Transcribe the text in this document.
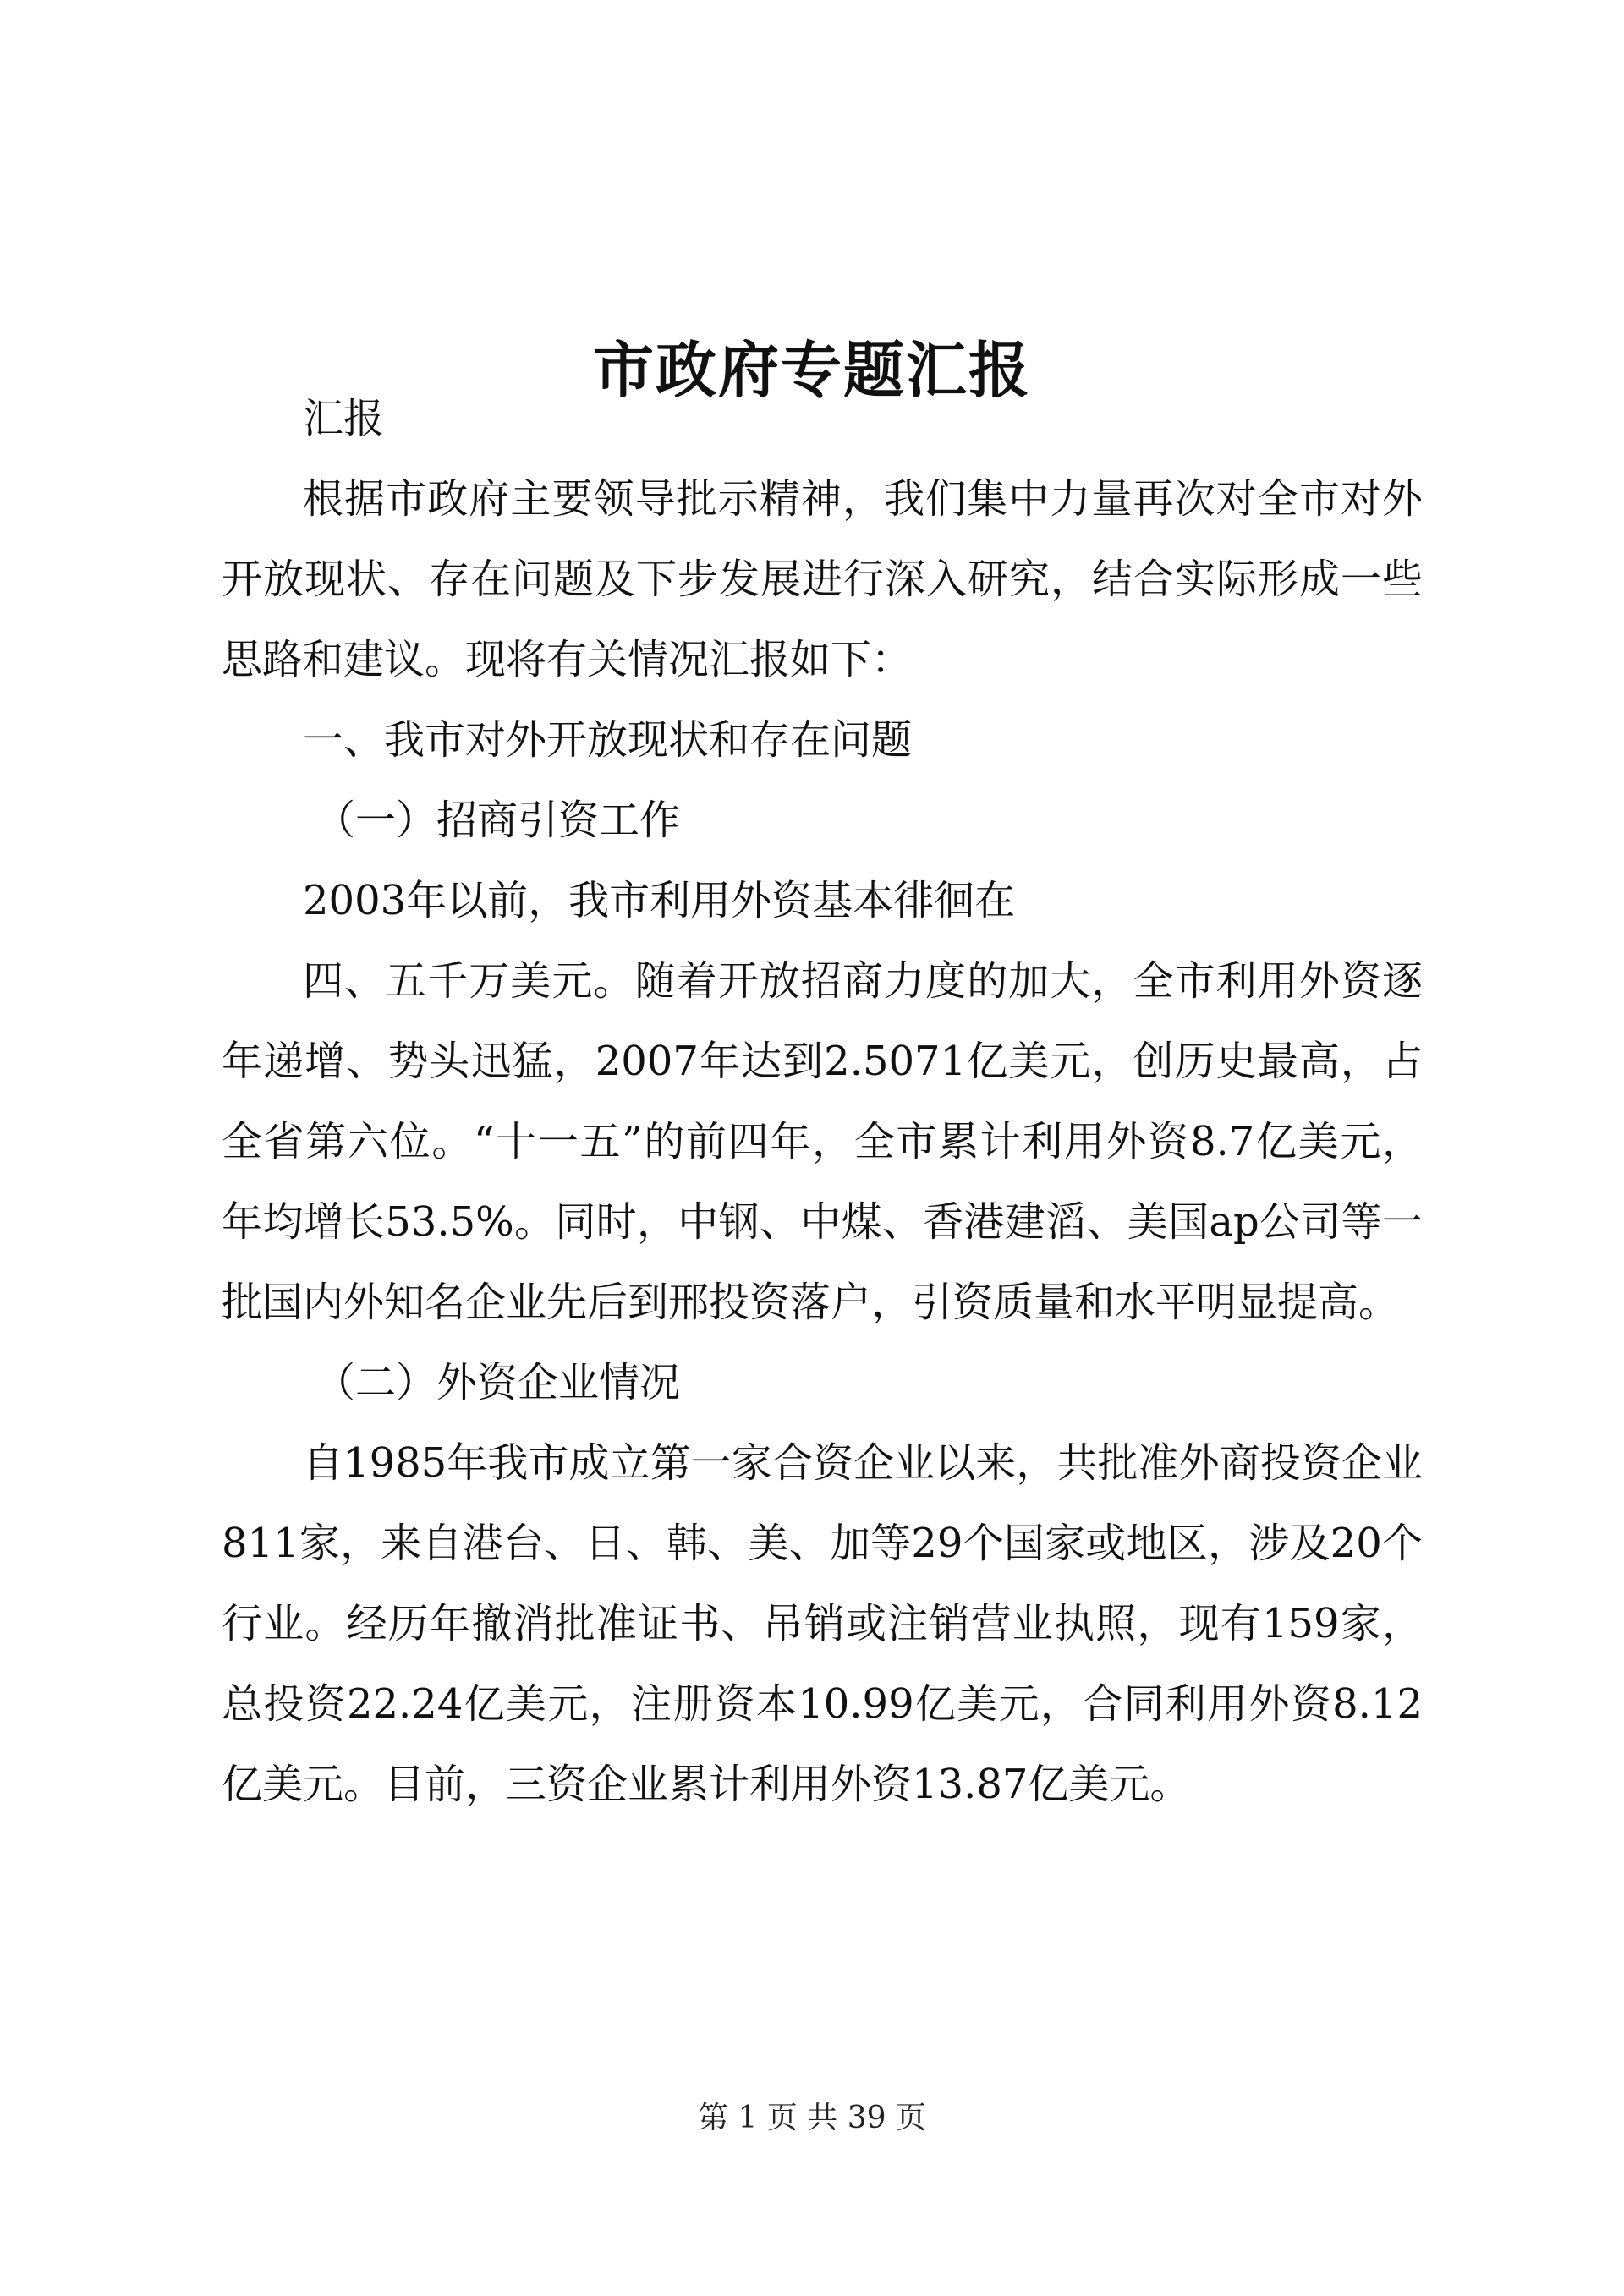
市政府专题汇报

汇报

根据市政府主要领导批示精神，我们集中力量再次对全市对外开放现状、存在问题及下步发展进行深入研究，结合实际形成一些思路和建议。现将有关情况汇报如下：

一、我市对外开放现状和存在问题

（一）招商引资工作

2003年以前，我市利用外资基本徘徊在

四、五千万美元。随着开放招商力度的加大，全市利用外资逐年递增、势头迅猛，2007年达到2.5071亿美元，创历史最高，占全省第六位。“十一五”的前四年，全市累计利用外资8.7亿美元，年均增长53.5%。同时，中钢、中煤、香港建滔、美国ap公司等一批国内外知名企业先后到邢投资落户，引资质量和水平明显提高。

（二）外资企业情况

自1985年我市成立第一家合资企业以来，共批准外商投资企业811家，来自港台、日、韩、美、加等29个国家或地区，涉及20个行业。经历年撤消批准证书、吊销或注销营业执照，现有159家，总投资22.24亿美元，注册资本10.99亿美元，合同利用外资8.12亿美元。目前，三资企业累计利用外资13.87亿美元。

第 1 页 共 39 页
